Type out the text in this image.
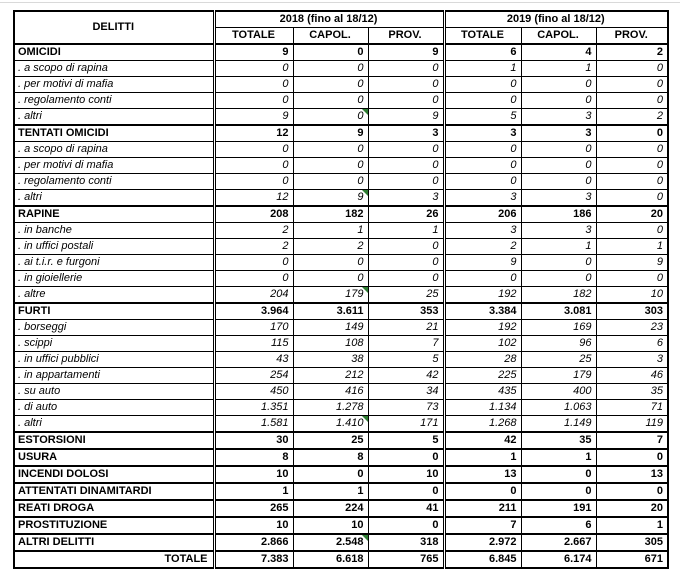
DELITTI	2018 (fino al 18/12)			2019 (fino al 18/12)		
	TOTALE	CAPOL.	PROV.	TOTALE	CAPOL.	PROV.
OMICIDI	9	0	9	6	4	2
. a scopo di rapina	0	0	0	1	1	0
. per motivi di mafia	0	0	0	0	0	0
. regolamento conti	0	0	0	0	0	0
. altri	9	0	9	5	3	2
TENTATI OMICIDI	12	9	3	3	3	0
. a scopo di rapina	0	0	0	0	0	0
. per motivi di mafia	0	0	0	0	0	0
. regolamento conti	0	0	0	0	0	0
. altri	12	9	3	3	3	0
RAPINE	208	182	26	206	186	20
. in banche	2	1	1	3	3	0
. in uffici postali	2	2	0	2	1	1
. ai t.i.r. e furgoni	0	0	0	9	0	9
. in gioiellerie	0	0	0	0	0	0
. altre	204	179	25	192	182	10
FURTI	3.964	3.611	353	3.384	3.081	303
. borseggi	170	149	21	192	169	23
. scippi	115	108	7	102	96	6
. in uffici pubblici	43	38	5	28	25	3
. in appartamenti	254	212	42	225	179	46
. su auto	450	416	34	435	400	35
. di auto	1.351	1.278	73	1.134	1.063	71
. altri	1.581	1.410	171	1.268	1.149	119
ESTORSIONI	30	25	5	42	35	7
USURA	8	8	0	1	1	0
INCENDI DOLOSI	10	0	10	13	0	13
ATTENTATI DINAMITARDI	1	1	0	0	0	0
REATI DROGA	265	224	41	211	191	20
PROSTITUZIONE	10	10	0	7	6	1
ALTRI DELITTI	2.866	2.548	318	2.972	2.667	305
TOTALE	7.383	6.618	765	6.845	6.174	671
